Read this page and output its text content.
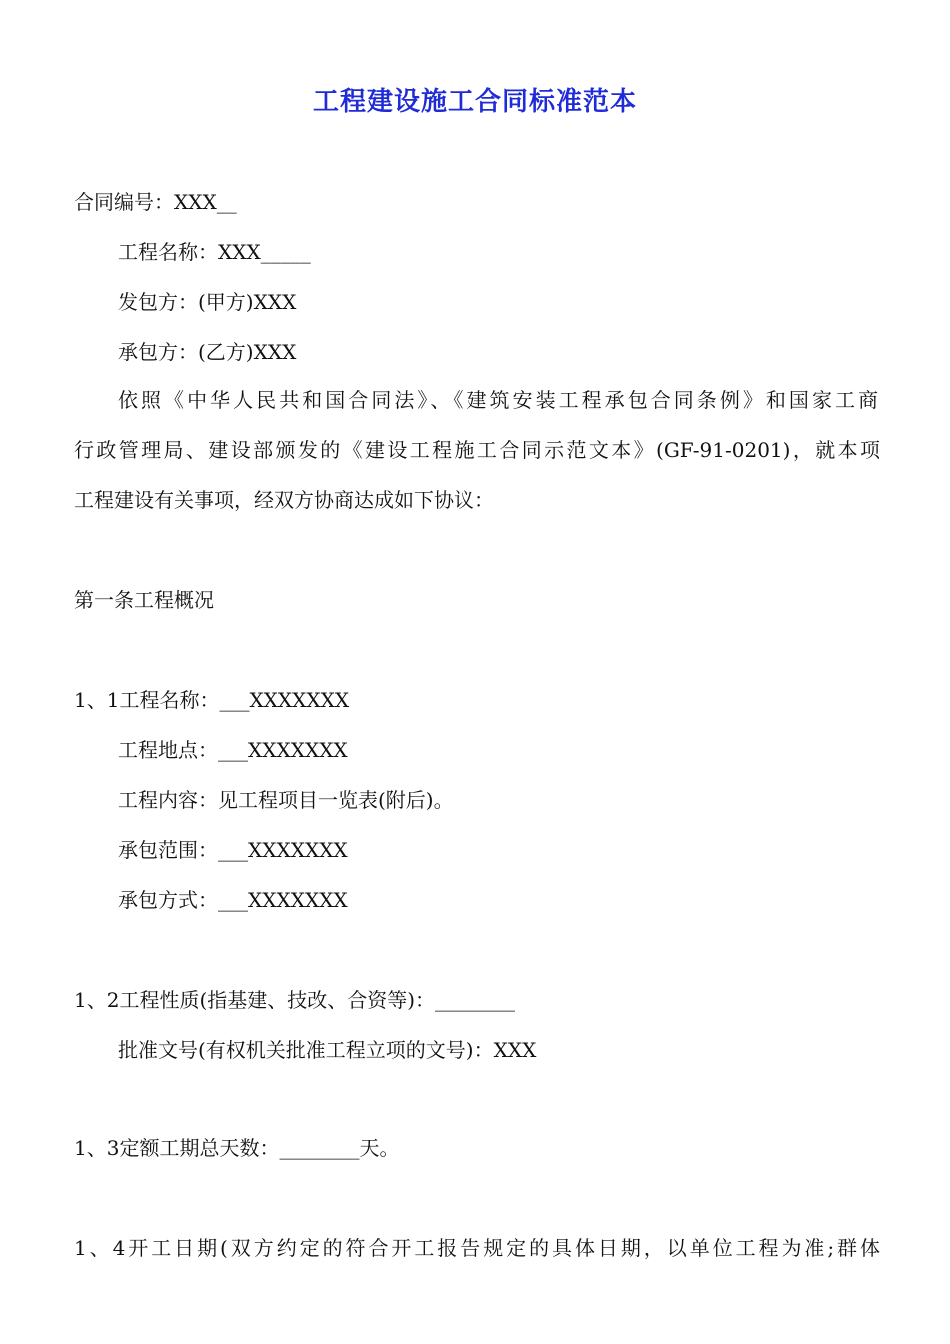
工程建设施工合同标准范本
合同编号：XXX__
工程名称：XXX_____
发包方：(甲方)XXX
承包方：(乙方)XXX
依照《中华人民共和国合同法》、《建筑安装工程承包合同条例》和国家工商
行政管理局、建设部颁发的《建设工程施工合同示范文本》(GF-91-0201)，就本项
工程建设有关事项，经双方协商达成如下协议：
第一条工程概况
1、1工程名称：___XXXXXXX
工程地点：___XXXXXXX
工程内容：见工程项目一览表(附后)。
承包范围：___XXXXXXX
承包方式：___XXXXXXX
1、2工程性质(指基建、技改、合资等)：________
批准文号(有权机关批准工程立项的文号)：XXX
1、3定额工期总天数：________天。
1、4开工日期(双方约定的符合开工报告规定的具体日期，以单位工程为准;群体
